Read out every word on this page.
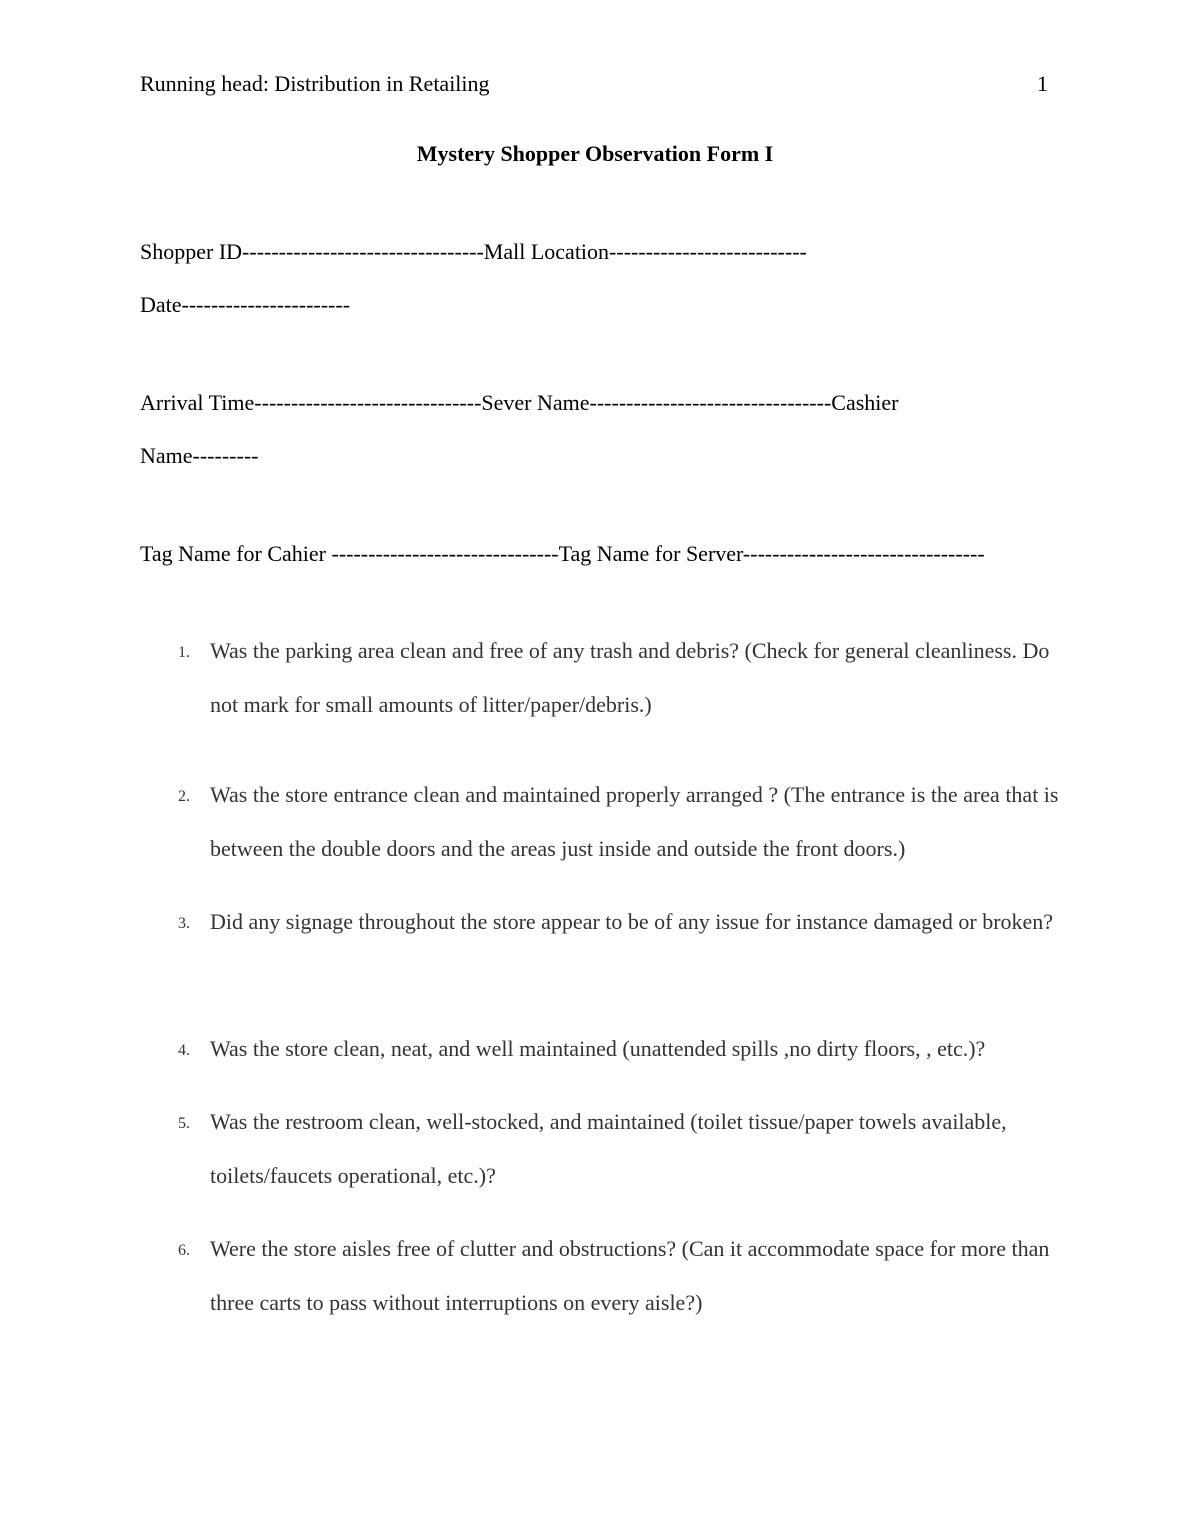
Running head: Distribution in Retailing	1
Mystery Shopper Observation Form I
Shopper ID---------------------------------Mall Location---------------------------
Date-----------------------
Arrival Time-------------------------------Sever Name---------------------------------Cashier
Name---------
Tag Name for Cahier -------------------------------Tag Name for Server---------------------------------
1. Was the parking area clean and free of any trash and debris? (Check for general cleanliness. Do not mark for small amounts of litter/paper/debris.)
2. Was the store entrance clean and maintained properly arranged ? (The entrance is the area that is between the double doors and the areas just inside and outside the front doors.)
3. Did any signage throughout the store appear to be of any issue for instance damaged or broken?
4. Was the store clean, neat, and well maintained (unattended spills ,no dirty floors, , etc.)?
5. Was the restroom clean, well-stocked, and maintained (toilet tissue/paper towels available, toilets/faucets operational, etc.)?
6. Were the store aisles free of clutter and obstructions? (Can it accommodate space for more than three carts to pass without interruptions on every aisle?)
